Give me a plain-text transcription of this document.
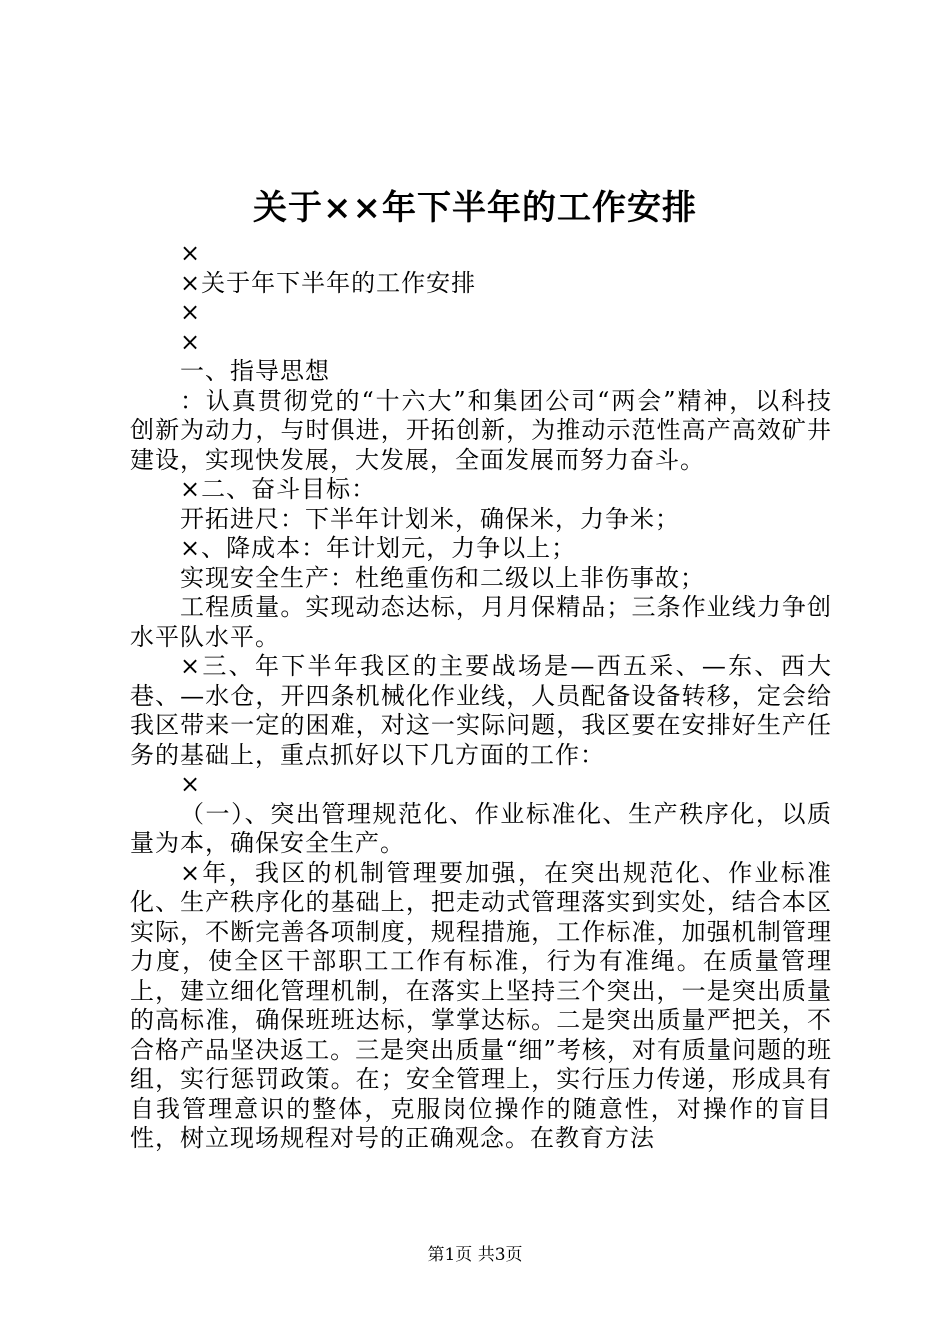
关于××年下半年的工作安排

×

×关于年下半年的工作安排

×

×

一、指导思想

：认真贯彻党的“十六大”和集团公司“两会”精神，以科技创新为动力，与时俱进，开拓创新，为推动示范性高产高效矿井建设，实现快发展，大发展，全面发展而努力奋斗。

×二、奋斗目标：

开拓进尺：下半年计划米，确保米，力争米；

×、降成本：年计划元，力争以上；

实现安全生产：杜绝重伤和二级以上非伤事故；

工程质量。实现动态达标，月月保精品；三条作业线力争创水平队水平。

×三、年下半年我区的主要战场是—西五采、—东、西大巷、—水仓，开四条机械化作业线，人员配备设备转移，定会给我区带来一定的困难，对这一实际问题，我区要在安排好生产任务的基础上，重点抓好以下几方面的工作：

×

（一）、突出管理规范化、作业标准化、生产秩序化，以质量为本，确保安全生产。

×年，我区的机制管理要加强，在突出规范化、作业标准化、生产秩序化的基础上，把走动式管理落实到实处，结合本区实际，不断完善各项制度，规程措施，工作标准，加强机制管理力度，使全区干部职工工作有标准，行为有准绳。在质量管理上，建立细化管理机制，在落实上坚持三个突出，一是突出质量的高标准，确保班班达标，掌掌达标。二是突出质量严把关，不合格产品坚决返工。三是突出质量“细”考核，对有质量问题的班组，实行惩罚政策。在；安全管理上，实行压力传递，形成具有自我管理意识的整体，克服岗位操作的随意性，对操作的盲目性，树立现场规程对号的正确观念。在教育方法

第1页 共3页
